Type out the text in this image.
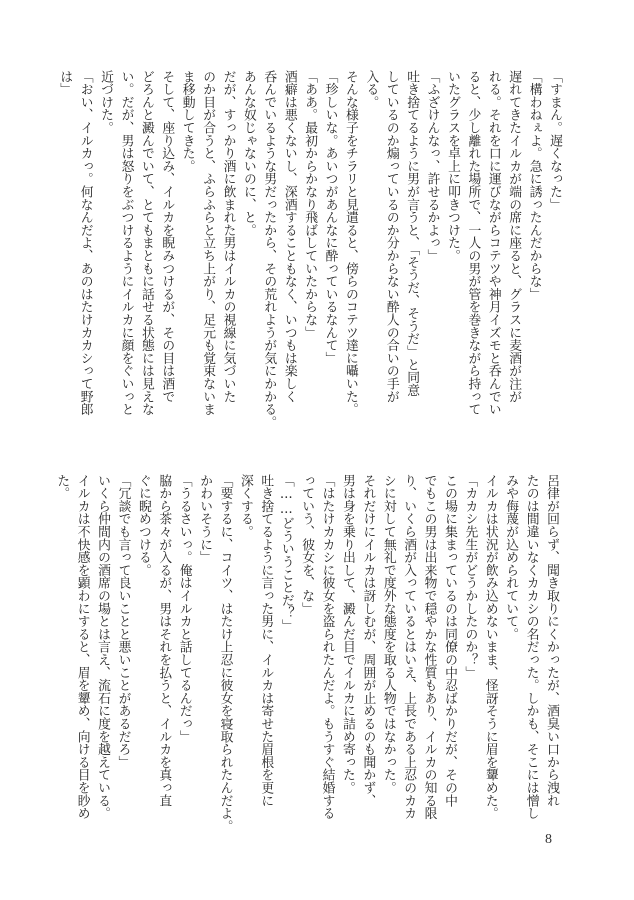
「すまん。遅くなった」
「構わねぇよ。急に誘ったんだからな」
遅れてきたイルカが端の席に座ると、グラスに麦酒が注が
れる。それを口に運びながらコテツや神月イズモと呑んでい
ると、少し離れた場所で、一人の男が管を巻きながら持って
いたグラスを卓上に叩きつけた。
「ふざけんなっ、許せるかよっ」
吐き捨てるように男が言うと、「そうだ、そうだ」と同意
しているのか煽っているのか分からない酔人の合いの手が
入る。
そんな様子をチラリと見遣ると、傍らのコテツ達に囁いた。
「珍しいな。あいつがあんなに酔っているなんて」
「ああ。最初からかなり飛ばしていたからな」
酒癖は悪くないし、深酒することもなく、いつもは楽しく
呑んでいるような男だったから、その荒れようが気にかかる。
あんな奴じゃないのに、と。
だが、すっかり酒に飲まれた男はイルカの視線に気づいた
のか目が合うと、ふらふらと立ち上がり、足元も覚束ないま
ま移動してきた。
そして、座り込み、イルカを睨みつけるが、その目は酒で
どろんと澱んでいて、とてもまともに話せる状態には見えな
い。だが、男は怒りをぶつけるようにイルカに顔をぐいっと
近づけた。
「おい、イルカっ。何なんだよ、あのはたけカカシって野郎
は」
呂律が回らず、聞き取りにくかったが、酒臭い口から洩れ
たのは間違いなくカカシの名だった。しかも、そこには憎し
みや侮蔑が込められていて。
イルカは状況が飲み込めないまま、怪訝そうに眉を顰めた。
「カカシ先生がどうかしたのか？」
この場に集まっているのは同僚の中忍ばかりだが、その中
でもこの男は出来物で穏やかな性質もあり、イルカの知る限
り、いくら酒が入っているとはいえ、上長である上忍のカカ
シに対して無礼で度外な態度を取る人物ではなかった。
それだけにイルカは訝しむが、周囲が止めるのも聞かず、
男は身を乗り出して、澱んだ目でイルカに詰め寄った。
「はたけカカシに彼女を盗られたんだよ。もうすぐ結婚する
っていう、彼女を、な」
「……どういうことだ？」
吐き捨てるように言った男に、イルカは寄せた眉根を更に
深くする。
「要するに、コイツ、はたけ上忍に彼女を寝取られたんだよ。
かわいそうに」
「うるさいっ。俺はイルカと話してるんだっ」
脇から茶々が入るが、男はそれを払うと、イルカを真っ直
ぐに睨めつける。
「冗談でも言って良いことと悪いことがあるだろ」
いくら仲間内の酒席の場とは言え、流石に度を越えている。
イルカは不快感を顕わにすると、眉を顰め、向ける目を眇め
た。
8
